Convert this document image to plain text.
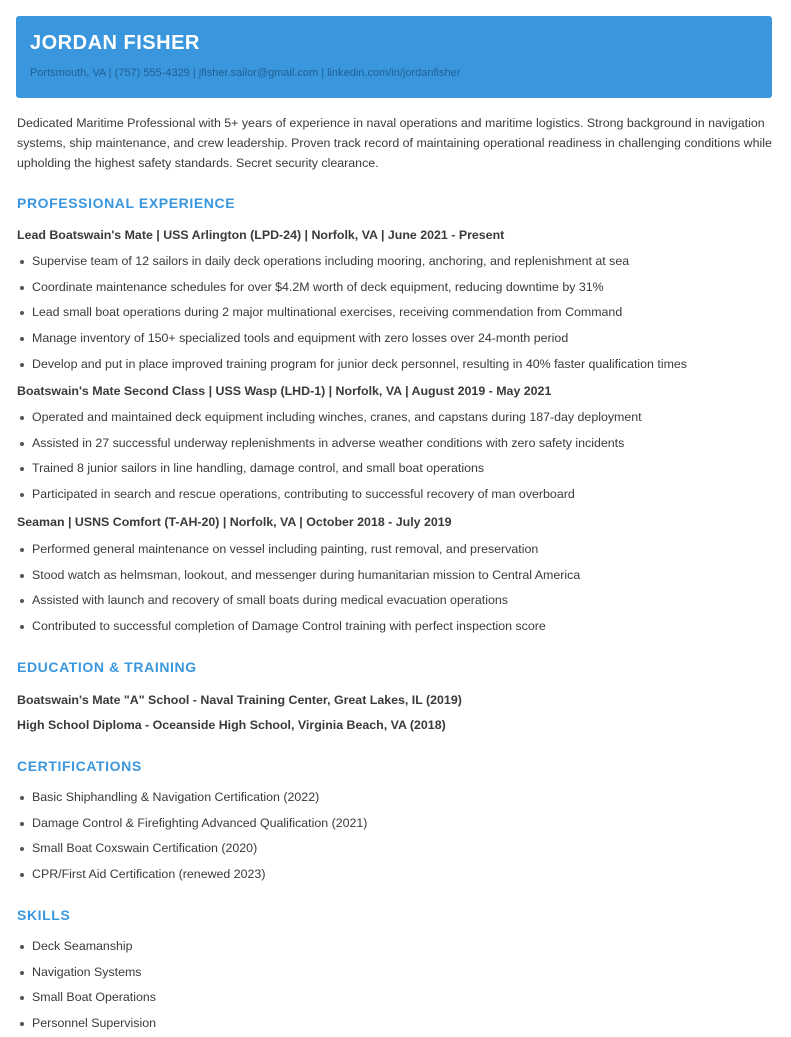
JORDAN FISHER
Portsmouth, VA | (757) 555-4329 | jfisher.sailor@gmail.com | linkedin.com/in/jordanfisher

Dedicated Maritime Professional with 5+ years of experience in naval operations and maritime logistics. Strong background in navigation systems, ship maintenance, and crew leadership. Proven track record of maintaining operational readiness in challenging conditions while upholding the highest safety standards. Secret security clearance.

PROFESSIONAL EXPERIENCE
Lead Boatswain's Mate | USS Arlington (LPD-24) | Norfolk, VA | June 2021 - Present
Supervise team of 12 sailors in daily deck operations including mooring, anchoring, and replenishment at sea
Coordinate maintenance schedules for over $4.2M worth of deck equipment, reducing downtime by 31%
Lead small boat operations during 2 major multinational exercises, receiving commendation from Command
Manage inventory of 150+ specialized tools and equipment with zero losses over 24-month period
Develop and put in place improved training program for junior deck personnel, resulting in 40% faster qualification times
Boatswain's Mate Second Class | USS Wasp (LHD-1) | Norfolk, VA | August 2019 - May 2021
Operated and maintained deck equipment including winches, cranes, and capstans during 187-day deployment
Assisted in 27 successful underway replenishments in adverse weather conditions with zero safety incidents
Trained 8 junior sailors in line handling, damage control, and small boat operations
Participated in search and rescue operations, contributing to successful recovery of man overboard
Seaman | USNS Comfort (T-AH-20) | Norfolk, VA | October 2018 - July 2019
Performed general maintenance on vessel including painting, rust removal, and preservation
Stood watch as helmsman, lookout, and messenger during humanitarian mission to Central America
Assisted with launch and recovery of small boats during medical evacuation operations
Contributed to successful completion of Damage Control training with perfect inspection score
EDUCATION & TRAINING
Boatswain's Mate "A" School - Naval Training Center, Great Lakes, IL (2019)
High School Diploma - Oceanside High School, Virginia Beach, VA (2018)
CERTIFICATIONS
Basic Shiphandling & Navigation Certification (2022)
Damage Control & Firefighting Advanced Qualification (2021)
Small Boat Coxswain Certification (2020)
CPR/First Aid Certification (renewed 2023)
SKILLS
Deck Seamanship
Navigation Systems
Small Boat Operations
Personnel Supervision
